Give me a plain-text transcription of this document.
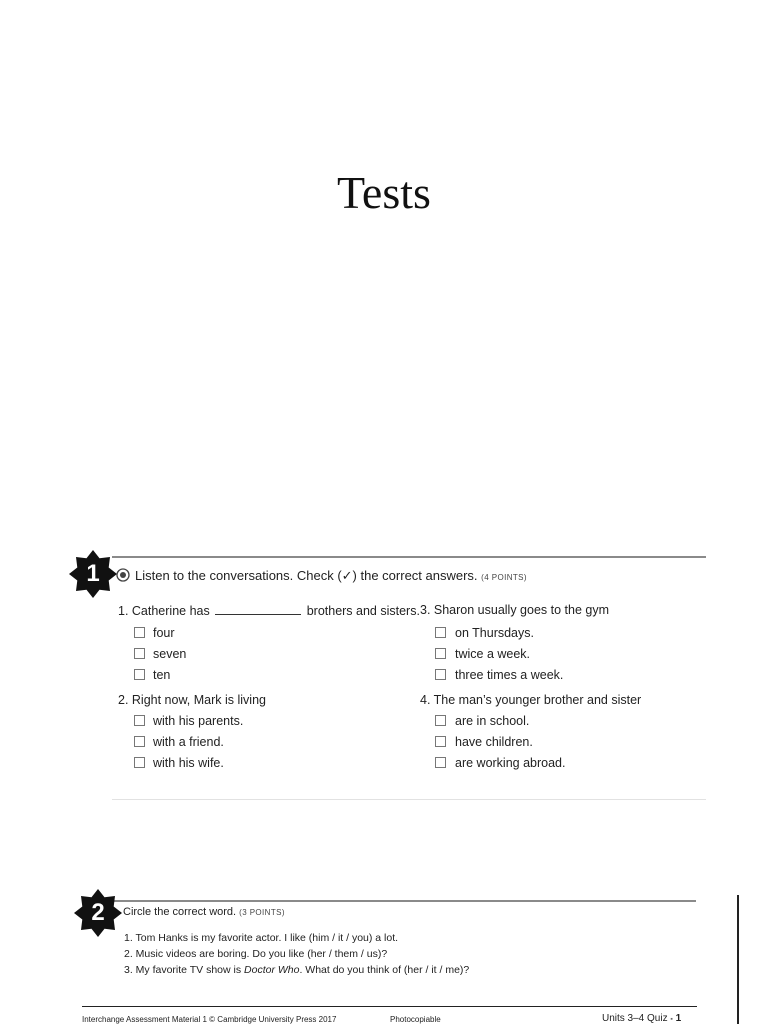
Tests
1	Listen to the conversations. Check (✓) the correct answers. (4 POINTS)
1. Catherine has	brothers and sisters.
four
seven
ten
2. Right now, Mark is living
with his parents.
with a friend.
with his wife.
3. Sharon usually goes to the gym
on Thursdays.
twice a week.
three times a week.
4. The man’s younger brother and sister
are in school.
have children.
are working abroad.
2	Circle the correct word. (3 POINTS)
1. Tom Hanks is my favorite actor. I like (him / it / you) a lot.
2. Music videos are boring. Do you like (her / them / us)?
3. My favorite TV show is Doctor Who. What do you think of (her / it / me)?
Interchange Assessment Material 1 © Cambridge University Press 2017	Photocopiable	Units 3–4 Quiz ▪ 1
